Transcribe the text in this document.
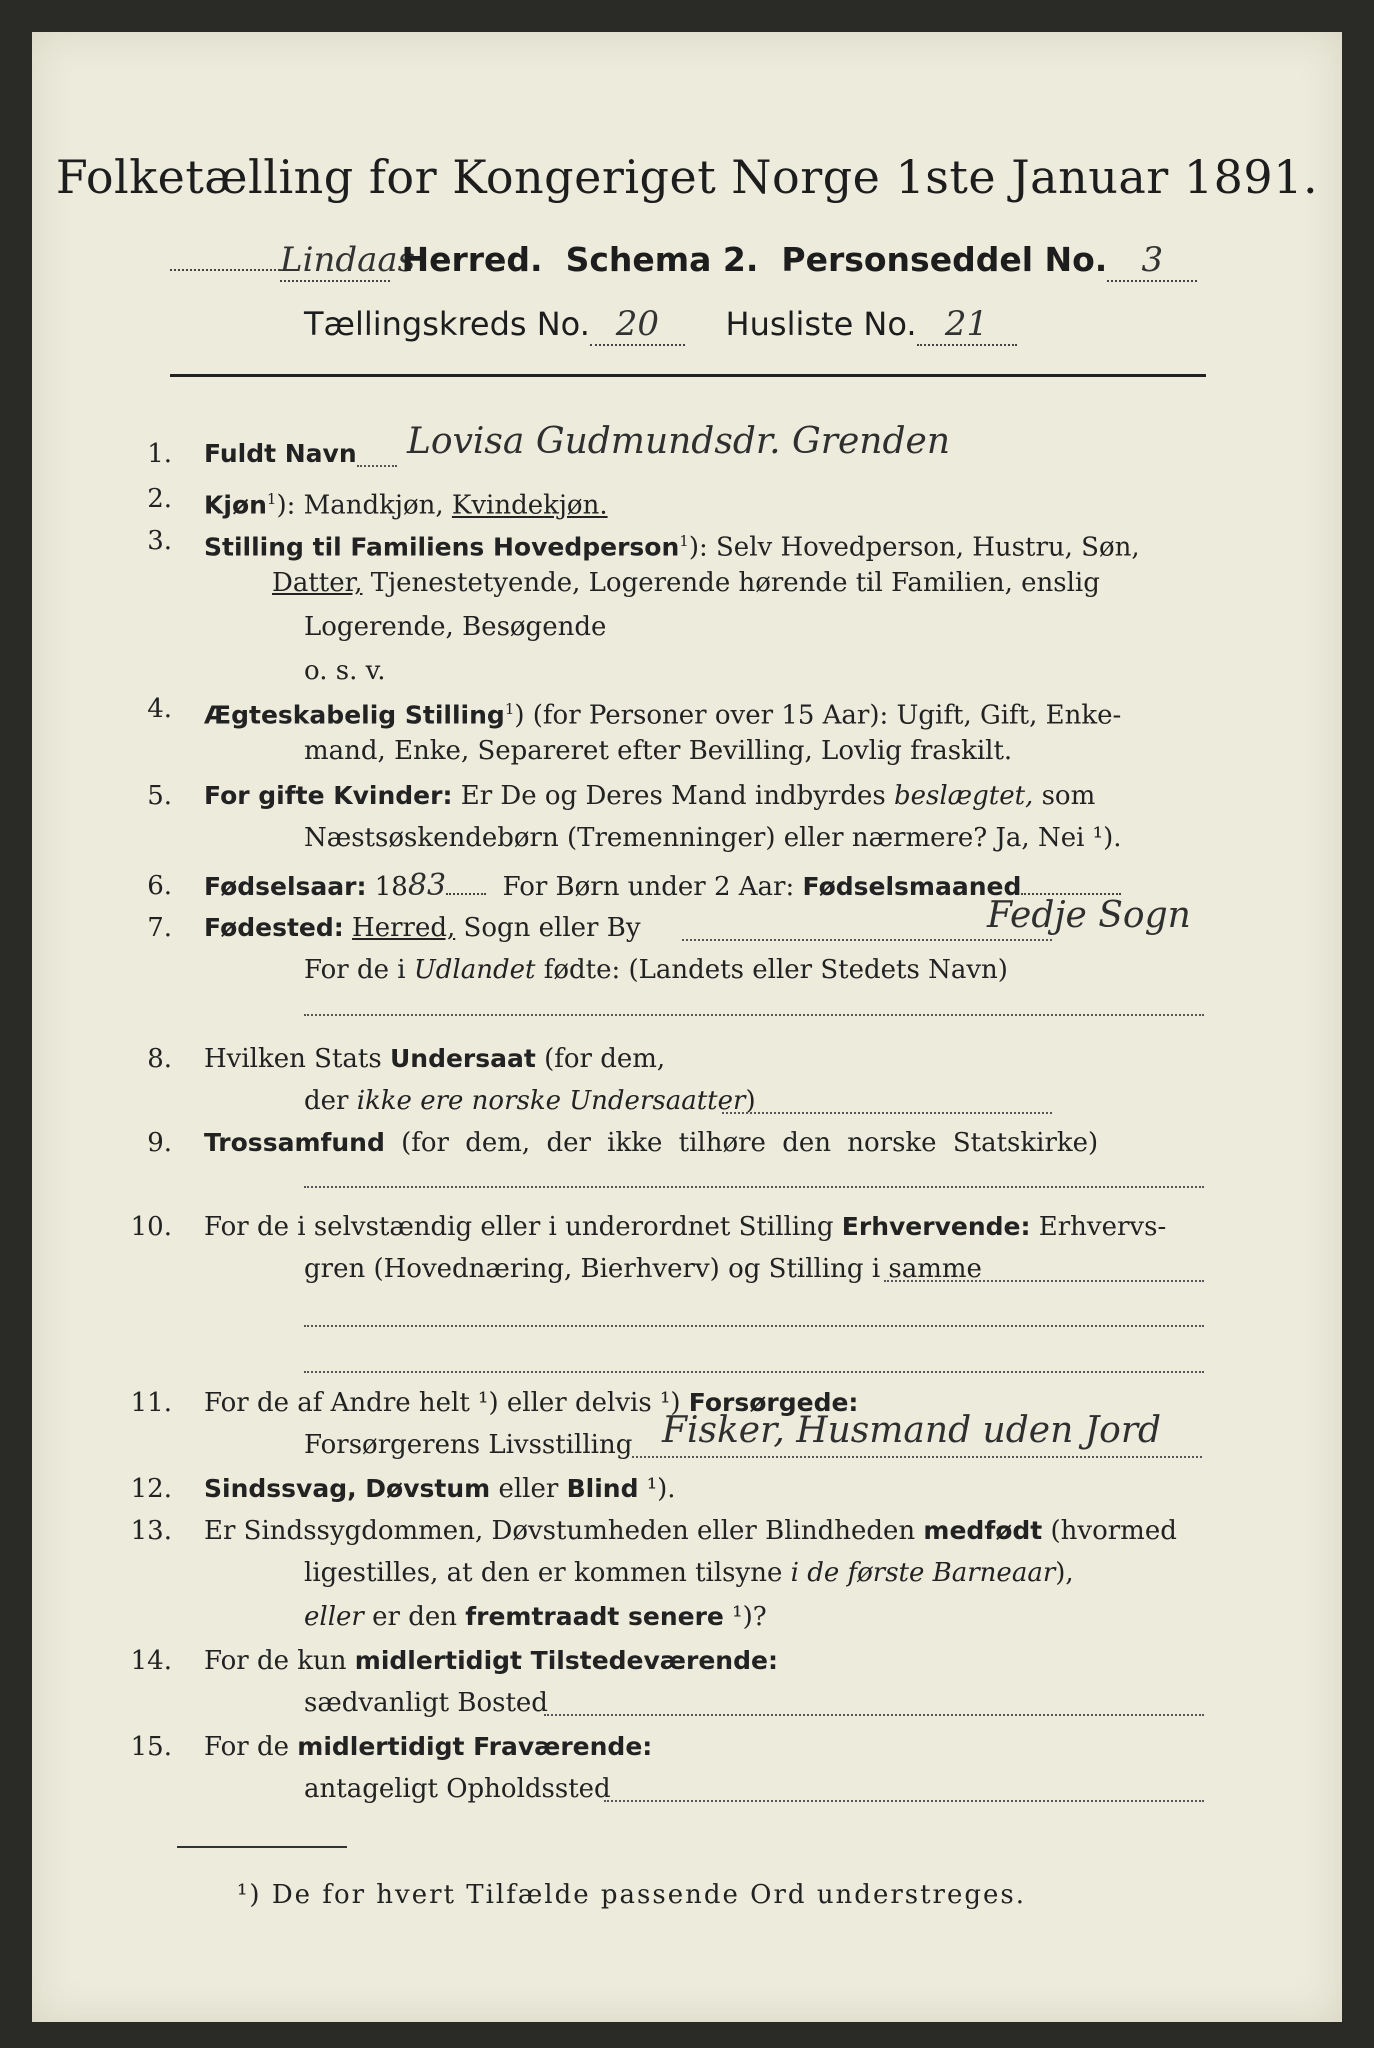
Folketælling for Kongeriget Norge 1ste Januar 1891.
Lindaas Herred. Schema 2. Personseddel No. 3
Tællingskreds No. 20 Husliste No. 21
1. Fuldt Navn Lovisa Gudmundsdr. Grenden
2. Kjøn$^1$): Mandkjøn, Kvindekjøn.
3. Stilling til Familiens Hovedperson$^1$): Selv Hovedperson, Hustru, Søn,
Datter, Tjenestetyende, Logerende hørende til Familien, enslig
Logerende, Besøgende
o. s. v.
4. Ægteskabelig Stilling$^1$) (for Personer over 15 Aar): Ugift, Gift, Enke-
mand, Enke, Separeret efter Bevilling, Lovlig fraskilt.
5. For gifte Kvinder: Er De og Deres Mand indbyrdes beslægtet, som
Næstsøskendebørn (Tremenninger) eller nærmere? Ja, Nei ¹).
6. Fødselsaar: 1883 For Børn under 2 Aar: Fødselsmaaned
7. Fødested: Herred, Sogn eller By	Fedje Sogn
For de i Udlandet fødte: (Landets eller Stedets Navn)
8. Hvilken Stats Undersaat (for dem,
der ikke ere norske Undersaatter)
9. Trossamfund (for dem, der ikke tilhøre den norske Statskirke)
10. For de i selvstændig eller i underordnet Stilling Erhvervende: Erhvervs-
gren (Hovednæring, Bierhverv) og Stilling i samme
11. For de af Andre helt ¹) eller delvis ¹) Forsørgede:
Forsørgerens Livsstilling Fisker, Husmand uden Jord
12. Sindssvag, Døvstum eller Blind ¹).
13. Er Sindssygdommen, Døvstumheden eller Blindheden medfødt (hvormed
ligestilles, at den er kommen tilsyne i de første Barneaar),
eller er den fremtraadt senere ¹)?
14. For de kun midlertidigt Tilstedeværende:
sædvanligt Bosted
15. For de midlertidigt Fraværende:
antageligt Opholdssted
¹) De for hvert Tilfælde passende Ord understreges.
